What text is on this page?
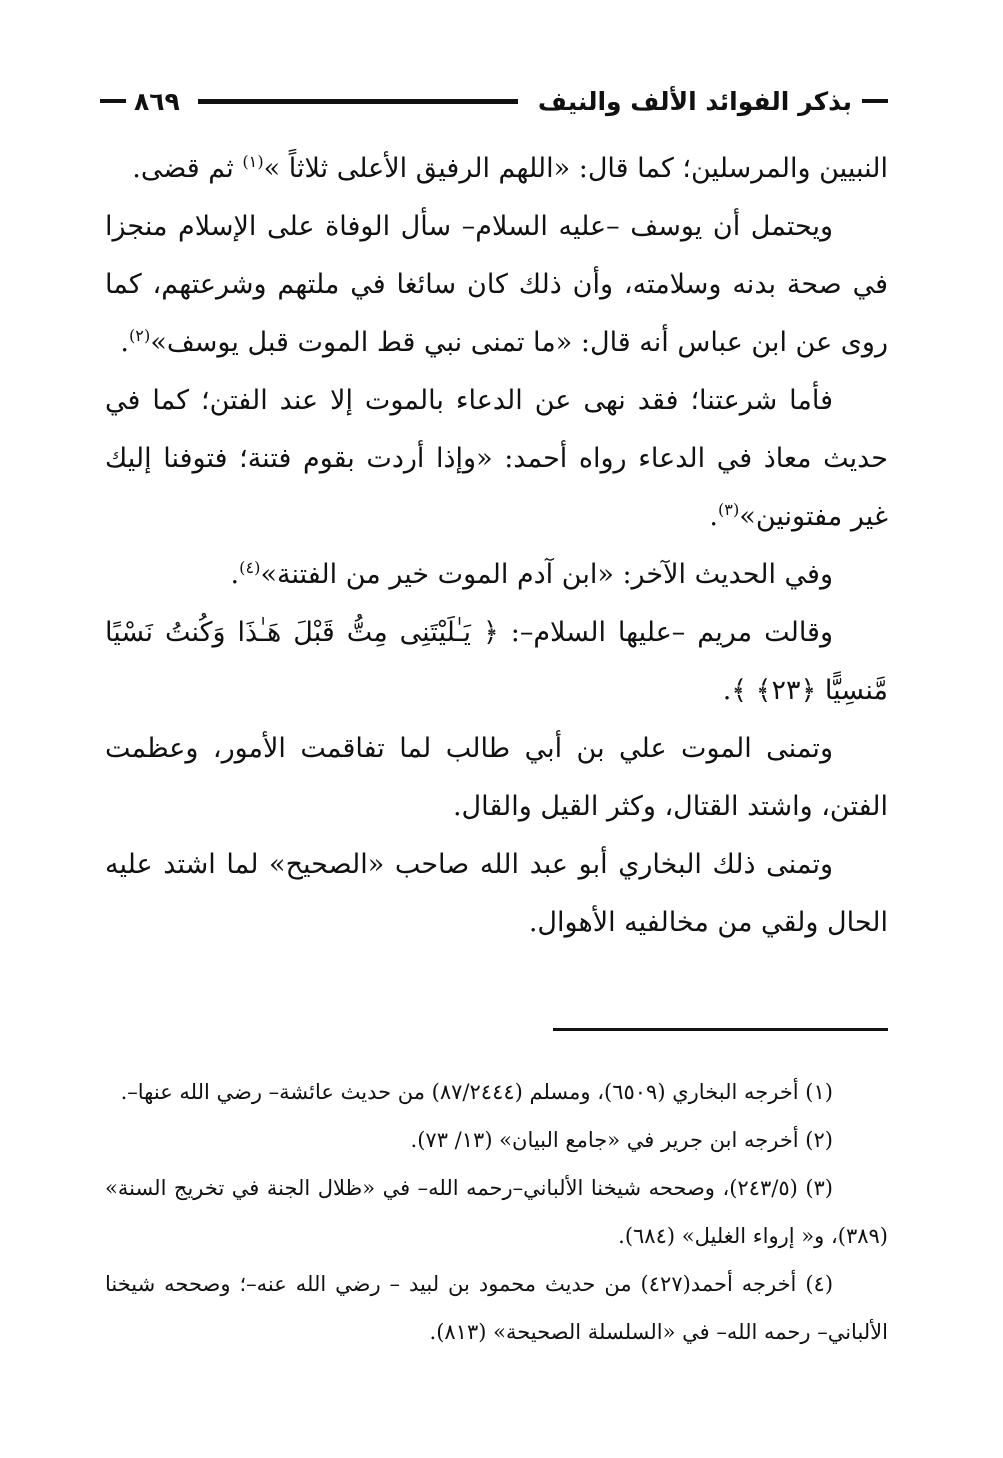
بذكر الفوائد الألف والنيف
٨٦٩

النبيين والمرسلين؛ كما قال: «اللهم الرفيق الأعلى ثلاثاً »$^{(١)}$ ثم قضى.

ويحتمل أن يوسف –عليه السلام– سأل الوفاة على الإسلام منجزا في صحة بدنه وسلامته، وأن ذلك كان سائغا في ملتهم وشرعتهم، كما روى عن ابن عباس أنه قال: «ما تمنى نبي قط الموت قبل يوسف»$^{(٢)}$.

فأما شرعتنا؛ فقد نهى عن الدعاء بالموت إلا عند الفتن؛ كما في حديث معاذ في الدعاء رواه أحمد: «وإذا أردت بقوم فتنة؛ فتوفنا إليك غير مفتونين»$^{(٣)}$.

وفي الحديث الآخر: «ابن آدم الموت خير من الفتنة»$^{(٤)}$.

وقالت مريم –عليها السلام–: ﴿ يَـٰلَيْتَنِى مِتُّ قَبْلَ هَـٰذَا وَكُنتُ نَسْيًا مَّنسِيًّا ﴿٢٣﴾ ﴾.

وتمنى الموت علي بن أبي طالب لما تفاقمت الأمور، وعظمت الفتن، واشتد القتال، وكثر القيل والقال.

وتمنى ذلك البخاري أبو عبد الله صاحب «الصحيح» لما اشتد عليه الحال ولقي من مخالفيه الأهوال.

(١) أخرجه البخاري (٦٥٠٩)، ومسلم (٨٧/٢٤٤٤) من حديث عائشة– رضي الله عنها–.

(٢) أخرجه ابن جرير في «جامع البيان» (١٣/ ٧٣).

(٣) (٢٤٣/٥)، وصححه شيخنا الألباني–رحمه الله– في «ظلال الجنة في تخريج السنة» (٣٨٩)، و« إرواء الغليل» (٦٨٤).

(٤) أخرجه أحمد(٤٢٧) من حديث محمود بن لبيد – رضي الله عنه–؛ وصححه شيخنا الألباني– رحمه الله– في «السلسلة الصحيحة» (٨١٣).
